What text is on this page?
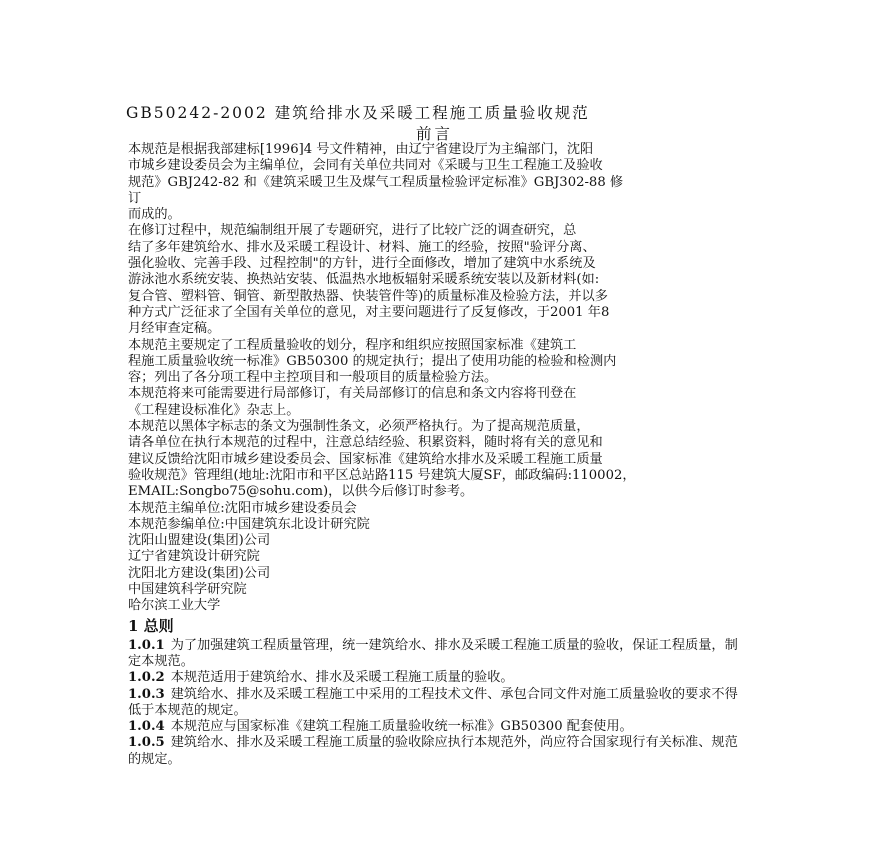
GB50242-2002 建筑给排水及采暖工程施工质量验收规范
前言
本规范是根据我部建标[1996]4 号文件精神，由辽宁省建设厅为主编部门，沈阳
市城乡建设委员会为主编单位，会同有关单位共同对《采暖与卫生工程施工及验收
规范》GBJ242-82 和《建筑采暖卫生及煤气工程质量检验评定标准》GBJ302-88 修
订
而成的。
在修订过程中，规范编制组开展了专题研究，进行了比较广泛的调查研究，总
结了多年建筑给水、排水及采暖工程设计、材料、施工的经验，按照"验评分离、
强化验收、完善手段、过程控制"的方针，进行全面修改，增加了建筑中水系统及
游泳池水系统安装、换热站安装、低温热水地板辐射采暖系统安装以及新材料(如:
复合管、塑料管、铜管、新型散热器、快装管件等)的质量标准及检验方法，并以多
种方式广泛征求了全国有关单位的意见，对主要问题进行了反复修改，于2001 年8
月经审查定稿。
本规范主要规定了工程质量验收的划分，程序和组织应按照国家标准《建筑工
程施工质量验收统一标准》GB50300 的规定执行；提出了使用功能的检验和检测内
容；列出了各分项工程中主控项目和一般项目的质量检验方法。
本规范将来可能需要进行局部修订，有关局部修订的信息和条文内容将刊登在
《工程建设标准化》杂志上。
本规范以黑体字标志的条文为强制性条文，必须严格执行。为了提高规范质量，
请各单位在执行本规范的过程中，注意总结经验、积累资料，随时将有关的意见和
建议反馈给沈阳市城乡建设委员会、国家标准《建筑给水排水及采暖工程施工质量
验收规范》管理组(地址:沈阳市和平区总站路115 号建筑大厦SF，邮政编码:110002，
EMAIL:Songbo75@sohu.com)，以供今后修订时参考。
本规范主编单位:沈阳市城乡建设委员会
本规范参编单位:中国建筑东北设计研究院
沈阳山盟建设(集团)公司
辽宁省建筑设计研究院
沈阳北方建设(集团)公司
中国建筑科学研究院
哈尔滨工业大学
1 总则
1.0.1 为了加强建筑工程质量管理，统一建筑给水、排水及采暖工程施工质量的验收，保证工程质量，制定本规范。
1.0.2 本规范适用于建筑给水、排水及采暖工程施工质量的验收。
1.0.3 建筑给水、排水及采暖工程施工中采用的工程技术文件、承包合同文件对施工质量验收的要求不得低于本规范的规定。
1.0.4 本规范应与国家标准《建筑工程施工质量验收统一标准》GB50300 配套使用。
1.0.5 建筑给水、排水及采暖工程施工质量的验收除应执行本规范外，尚应符合国家现行有关标准、规范的规定。
